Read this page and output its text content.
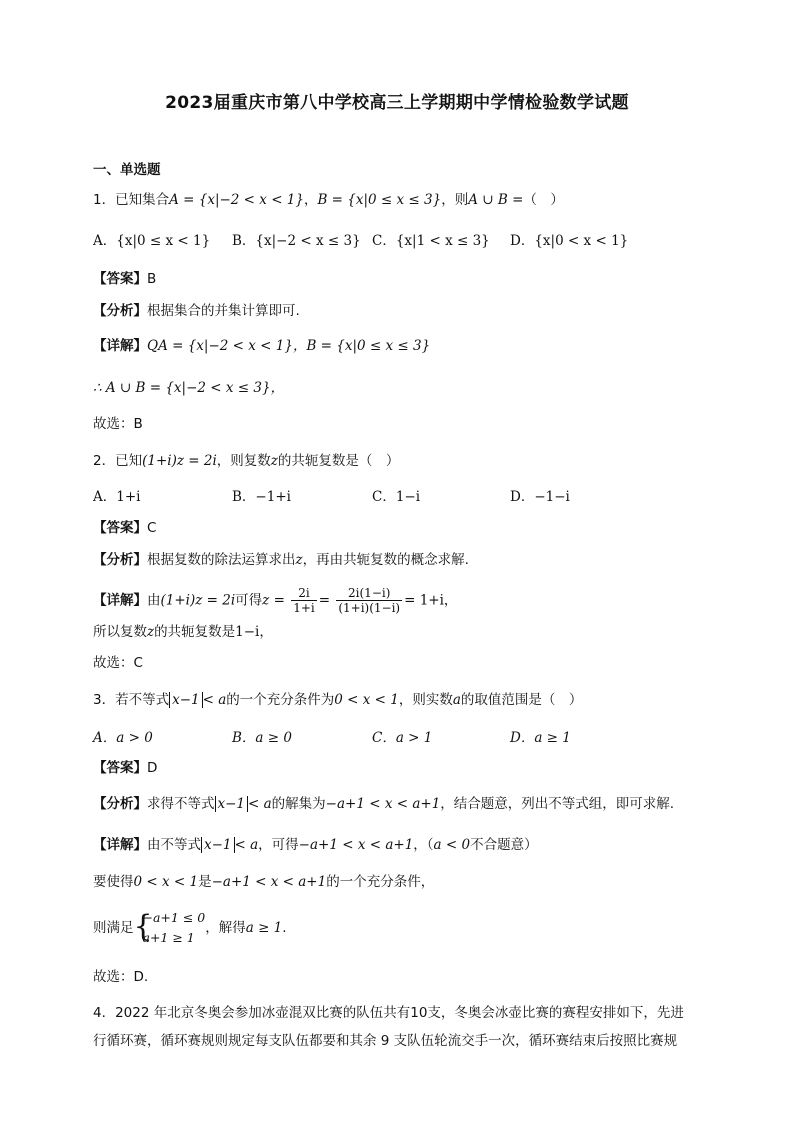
2023届重庆市第八中学校高三上学期期中学情检验数学试题
一、单选题
1．已知集合A = {x|−2 < x < 1}，B = {x|0 ≤ x ≤ 3}，则A ∪ B =（　）
A．{x|0 ≤ x < 1} B．{x|−2 < x ≤ 3} C．{x|1 < x ≤ 3} D．{x|0 < x < 1}
【答案】B
【分析】根据集合的并集计算即可.
【详解】QA = {x|−2 < x < 1}，B = {x|0 ≤ x ≤ 3}
∴ A ∪ B = {x|−2 < x ≤ 3}，
故选：B
2．已知(1+i)z = 2i，则复数z的共轭复数是（　）
A．1+i	B．−1+i	C．1−i	D．−1−i
【答案】C
【分析】根据复数的除法运算求出z，再由共轭复数的概念求解.
【详解】由(1+i)z = 2i可得$z = \frac{2i}{1+i} = \frac{2i(1-i)}{(1+i)(1-i)} = 1+i$，
所以复数z的共轭复数是1−i，
故选：C
3．若不等式 x−1 < a的一个充分条件为0 < x < 1，则实数a的取值范围是（　）
A．a > 0	B．a ≥ 0	C．a > 1	D．a ≥ 1
【答案】D
【分析】求得不等式 x−1 < a的解集为−a+1 < x < a+1，结合题意，列出不等式组，即可求解.
【详解】由不等式 x−1 < a，可得−a+1 < x < a+1，（a < 0不合题意）
要使得0 < x < 1是−a+1 < x < a+1的一个充分条件，
则满足 {
−a+1 ≤ 0
a+1 ≥ 1
，解得a ≥ 1.
故选：D.
4．2022 年北京冬奥会参加冰壶混双比赛的队伍共有10支，冬奥会冰壶比赛的赛程安排如下，先进
行循环赛，循环赛规则规定每支队伍都要和其余 9 支队伍轮流交手一次，循环赛结束后按照比赛规
